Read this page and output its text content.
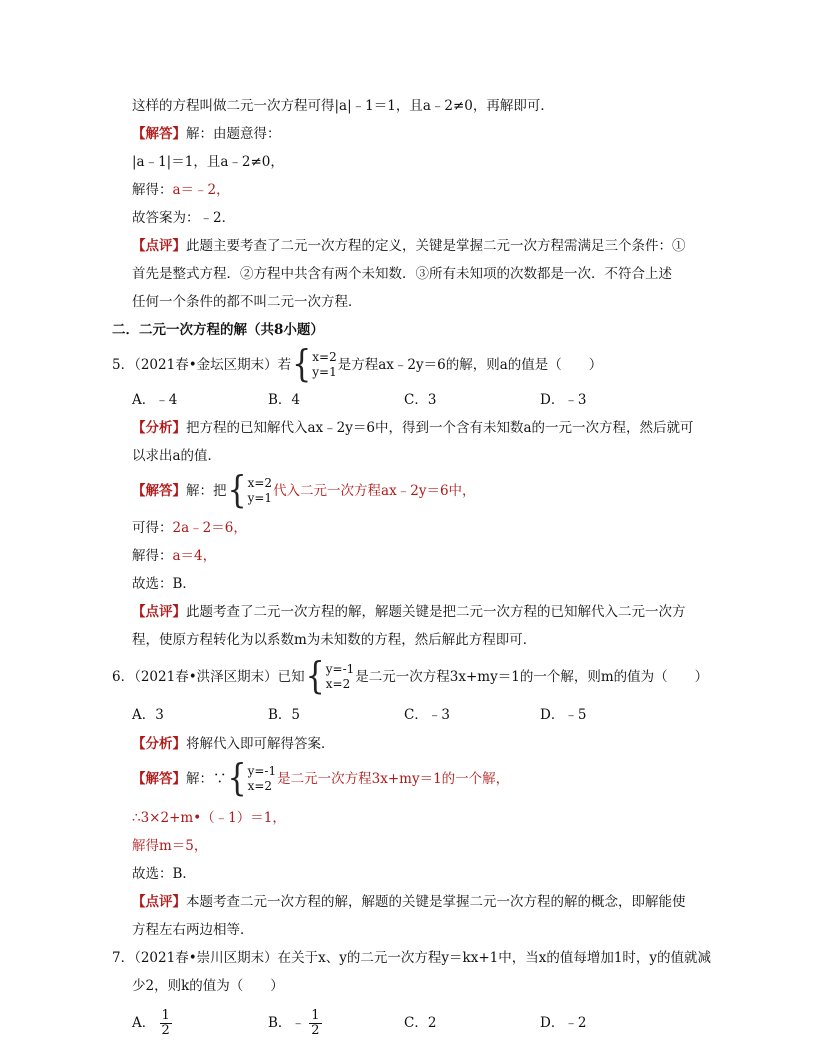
这样的方程叫做二元一次方程可得|a|﹣1＝1，且a﹣2≠0，再解即可．
【解答】解：由题意得：
|a﹣1|＝1，且a﹣2≠0，
解得：a＝﹣2，
故答案为：﹣2．
【点评】此题主要考查了二元一次方程的定义，关键是掌握二元一次方程需满足三个条件：①
首先是整式方程．②方程中共含有两个未知数．③所有未知项的次数都是一次．不符合上述
任何一个条件的都不叫二元一次方程．
二．二元一次方程的解（共8小题）
5．（2021春•金坛区期末）若 { x=2
y=1 是方程ax﹣2y＝6的解，则a的值是（　　）
A．﹣4	B．4	C．3	D．﹣3
【分析】把方程的已知解代入ax﹣2y＝6中，得到一个含有未知数a的一元一次方程，然后就可
以求出a的值．
【解答】 解：把 { x=2
y=1 代入二元一次方程ax﹣2y＝6中，
可得：2a﹣2＝6，
解得：a＝4，
故选：B．
【点评】此题考查了二元一次方程的解，解题关键是把二元一次方程的已知解代入二元一次方
程，使原方程转化为以系数m为未知数的方程，然后解此方程即可．
6．（2021春•洪泽区期末）已知 { y=-1
x=2 是二元一次方程3x+my＝1的一个解，则m的值为（　　）
A．3	B．5	C．﹣3	D．﹣5
【分析】将解代入即可解得答案．
【解答】 解：∵ { y=-1
x=2 是二元一次方程3x+my＝1的一个解，
∴3×2+m•（﹣1）＝1，
解得m＝5，
故选：B．
【点评】本题考查二元一次方程的解，解题的关键是掌握二元一次方程的解的概念，即解能使
方程左右两边相等．
7．（2021春•崇川区期末）在关于x、y的二元一次方程y＝kx+1中，当x的值每增加1时，y的值就减
少2，则k的值为（　　）
A． $\frac{1}{2}$	B．﹣ $\frac{1}{2}$	C．2	D．﹣2
